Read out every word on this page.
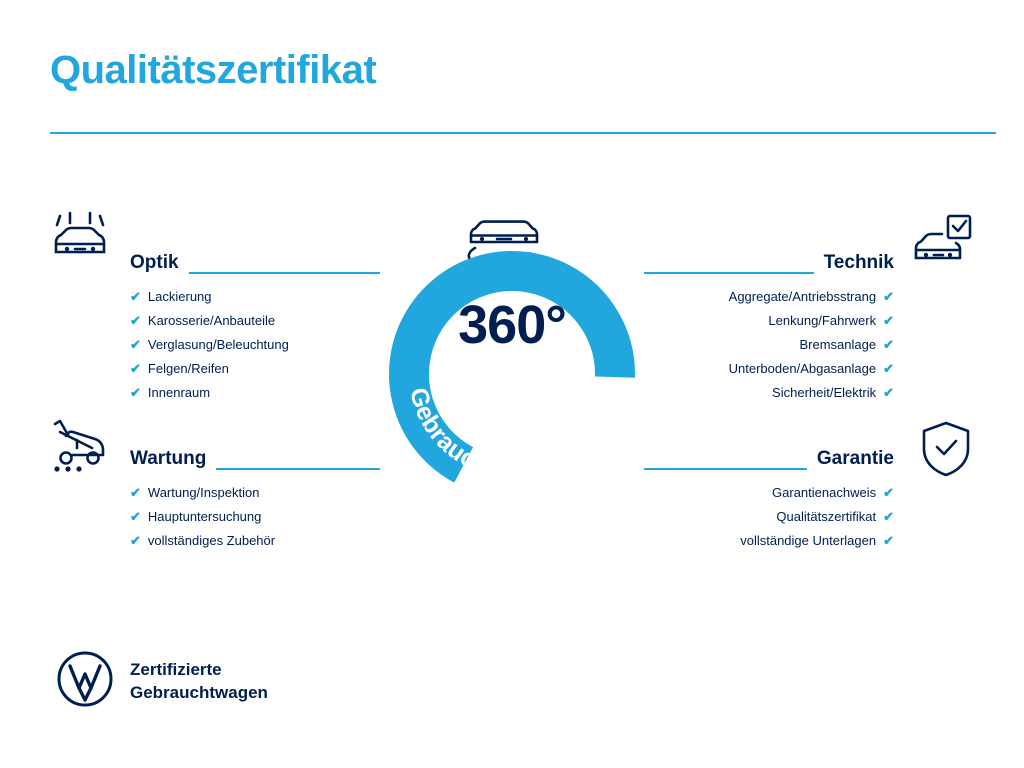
Qualitätszertifikat
Optik
✔ Lackierung
✔ Karosserie/Anbauteile
✔ Verglasung/Beleuchtung
✔ Felgen/Reifen
✔ Innenraum
Wartung
✔ Wartung/Inspektion
✔ Hauptuntersuchung
✔ vollständiges Zubehör
Technik
Aggregate/Antriebsstrang ✔
Lenkung/Fahrwerk ✔
Bremsanlage ✔
Unterboden/Abgasanlage ✔
Sicherheit/Elektrik ✔
Garantie
Garantienachweis ✔
Qualitätszertifikat ✔
vollständige Unterlagen ✔
Gebrauchtwagen-Check
360°
Zertifizierte
Gebrauchtwagen
